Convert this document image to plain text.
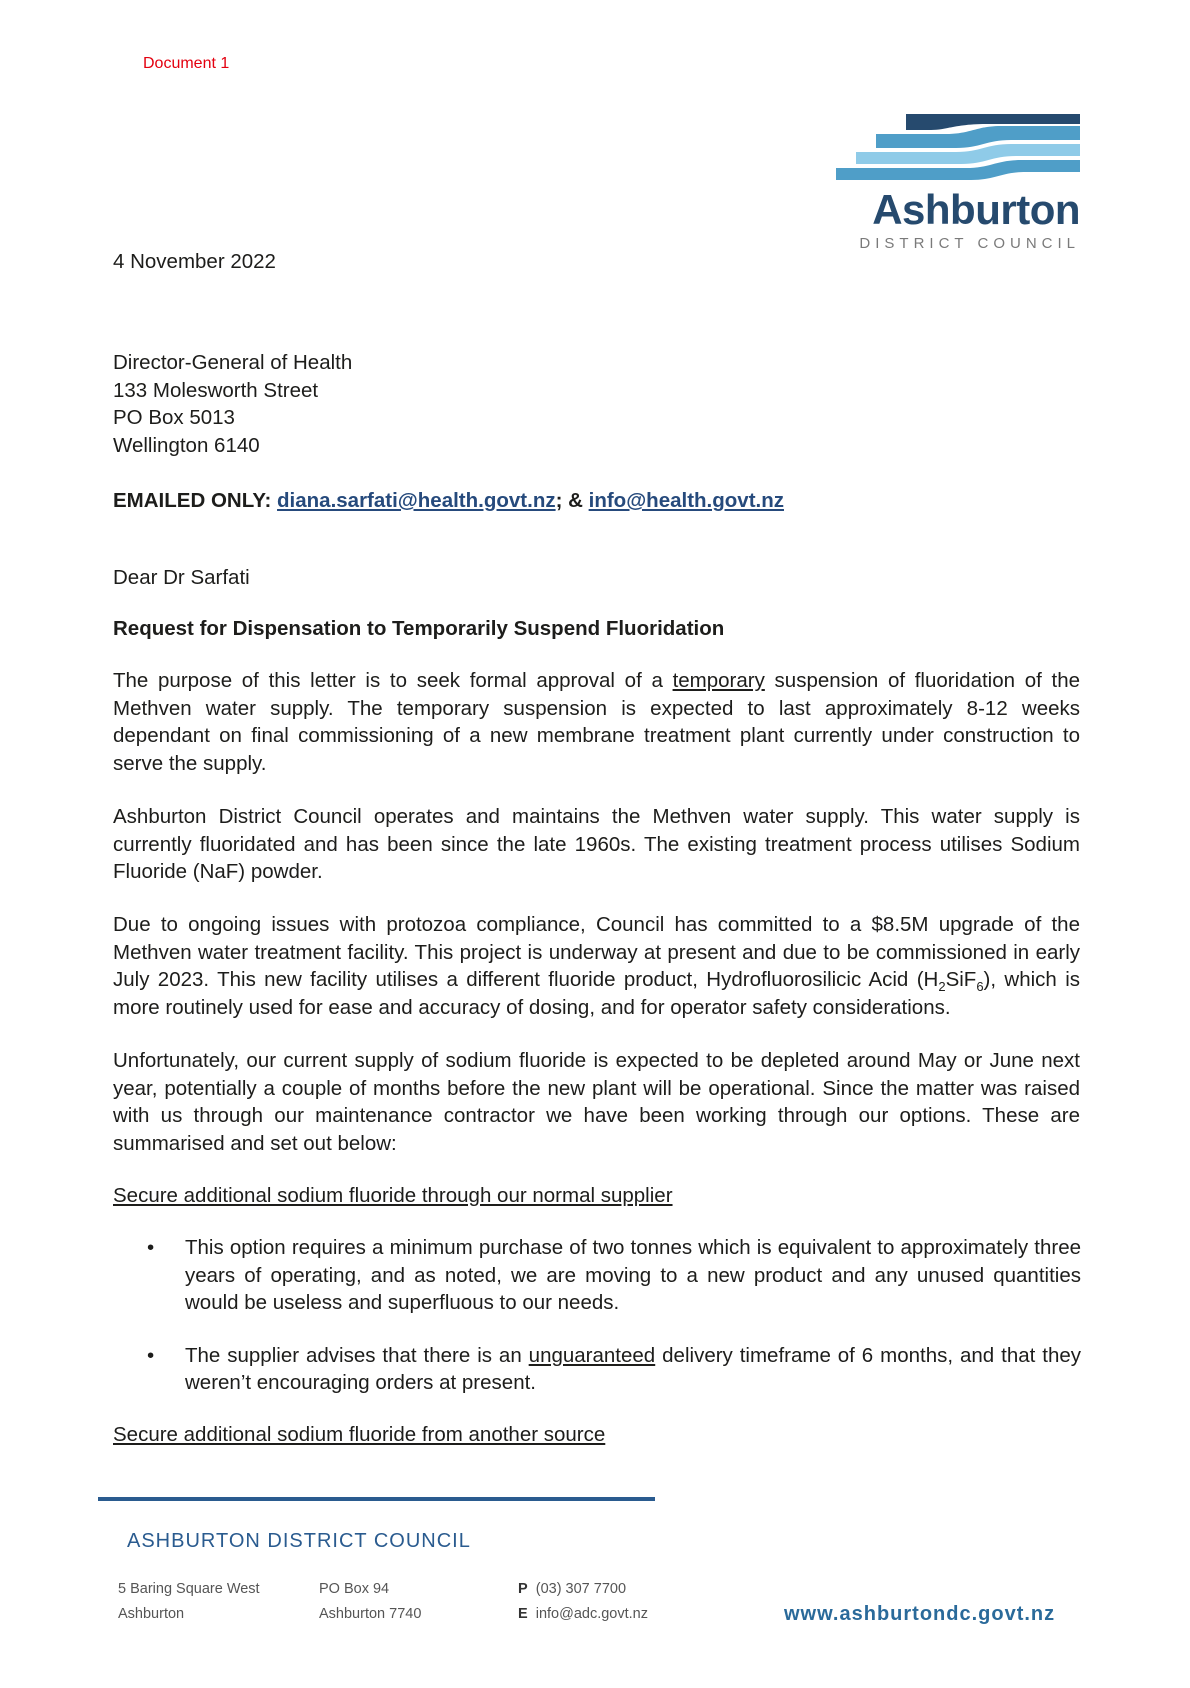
Document 1
Ashburton
DISTRICT COUNCIL
4 November 2022
Director-General of Health
133 Molesworth Street
PO Box 5013
Wellington 6140
EMAILED ONLY: diana.sarfati@health.govt.nz; & info@health.govt.nz
Dear Dr Sarfati
Request for Dispensation to Temporarily Suspend Fluoridation
The purpose of this letter is to seek formal approval of a temporary suspension of fluoridation of the Methven water supply. The temporary suspension is expected to last approximately 8-12 weeks dependant on final commissioning of a new membrane treatment plant currently under construction to serve the supply.
Ashburton District Council operates and maintains the Methven water supply. This water supply is currently fluoridated and has been since the late 1960s. The existing treatment process utilises Sodium Fluoride (NaF) powder.
Due to ongoing issues with protozoa compliance, Council has committed to a $8.5M upgrade of the Methven water treatment facility. This project is underway at present and due to be commissioned in early July 2023. This new facility utilises a different fluoride product, Hydrofluorosilicic Acid $(H_2SiF_6)$, which is more routinely used for ease and accuracy of dosing, and for operator safety considerations.
Unfortunately, our current supply of sodium fluoride is expected to be depleted around May or June next year, potentially a couple of months before the new plant will be operational. Since the matter was raised with us through our maintenance contractor we have been working through our options. These are summarised and set out below:
Secure additional sodium fluoride through our normal supplier
• This option requires a minimum purchase of two tonnes which is equivalent to approximately three years of operating, and as noted, we are moving to a new product and any unused quantities would be useless and superfluous to our needs.
• The supplier advises that there is an unguaranteed delivery timeframe of 6 months, and that they weren’t encouraging orders at present.
Secure additional sodium fluoride from another source
ASHBURTON DISTRICT COUNCIL
5 Baring Square West
Ashburton
PO Box 94
Ashburton 7740
P (03) 307 7700
E info@adc.govt.nz	www.ashburtondc.govt.nz
